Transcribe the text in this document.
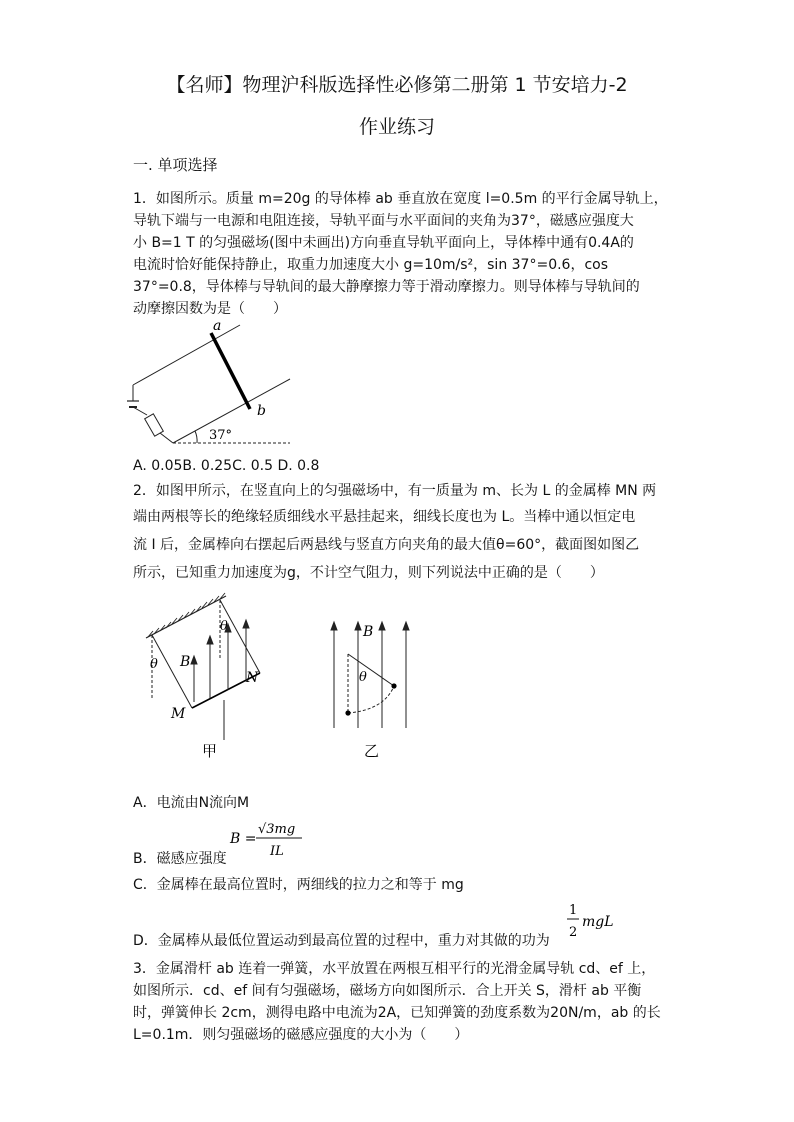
【名师】物理沪科版选择性必修第二册第 1 节安培力-2
作业练习
一. 单项选择
1．如图所示。质量 m=20g 的导体棒 ab 垂直放在宽度 l=0.5m 的平行金属导轨上，
导轨下端与一电源和电阻连接，导轨平面与水平面间的夹角为37°，磁感应强度大
小 B=1 T 的匀强磁场(图中未画出)方向垂直导轨平面向上，导体棒中通有0.4A的
电流时恰好能保持静止，取重力加速度大小 g=10m/s²，sin 37°=0.6，cos
37°=0.8，导体棒与导轨间的最大静摩擦力等于滑动摩擦力。则导体棒与导轨间的
动摩擦因数为是（　　）
a
b
37°
A. 0.05B. 0.25C. 0.5 D. 0.8
2．如图甲所示，在竖直向上的匀强磁场中，有一质量为 m、长为 L 的金属棒 MN 两
端由两根等长的绝缘轻质细线水平悬挂起来，细线长度也为 L。当棒中通以恒定电
流 I 后，金属棒向右摆起后两悬线与竖直方向夹角的最大值θ=60°，截面图如图乙
所示，已知重力加速度为g，不计空气阻力，则下列说法中正确的是（　　）
θ
θ
B
M
N
甲
B
θ
乙
A．电流由N流向M
B =
√3mg
IL
B．磁感应强度
C．金属棒在最高位置时，两细线的拉力之和等于 mg
1
2
mgL
D．金属棒从最低位置运动到最高位置的过程中，重力对其做的功为
3．金属滑杆 ab 连着一弹簧，水平放置在两根互相平行的光滑金属导轨 cd、ef 上，
如图所示．cd、ef 间有匀强磁场，磁场方向如图所示．合上开关 S，滑杆 ab 平衡
时，弹簧伸长 2cm，测得电路中电流为2A，已知弹簧的劲度系数为20N/m，ab 的长
L=0.1m．则匀强磁场的磁感应强度的大小为（　　）
